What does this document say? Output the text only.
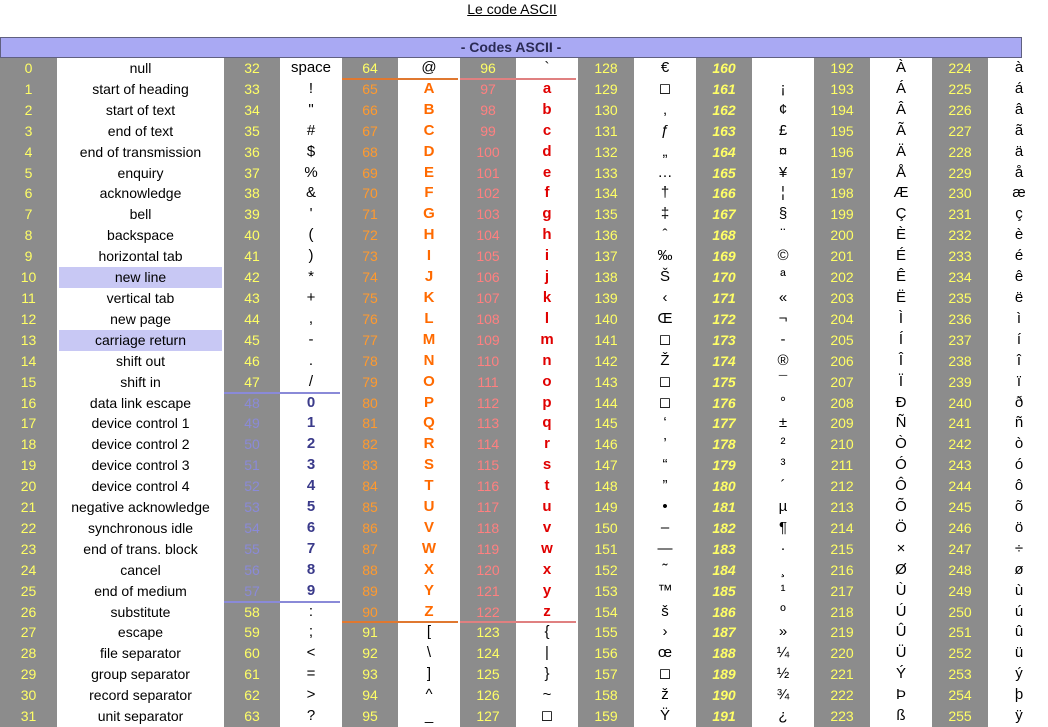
Le code ASCII
- Codes ASCII -
0
1
2
3
4
5
6
7
8
9
10
11
12
13
14
15
16
17
18
19
20
21
22
23
24
25
26
27
28
29
30
31
null
start of heading
start of text
end of text
end of transmission
enquiry
acknowledge
bell
backspace
horizontal tab
new line
vertical tab
new page
carriage return
shift out
shift in
data link escape
device control 1
device control 2
device control 3
device control 4
negative acknowledge
synchronous idle
end of trans. block
cancel
end of medium
substitute
escape
file separator
group separator
record separator
unit separator
32
33
34
35
36
37
38
39
40
41
42
43
44
45
46
47
48
49
50
51
52
53
54
55
56
57
58
59
60
61
62
63
space
!
"
#
$
%
&
'
(
)
*
+
,
-
.
/
0
1
2
3
4
5
6
7
8
9
:
;
<
=
>
?
64
65
66
67
68
69
70
71
72
73
74
75
76
77
78
79
80
81
82
83
84
85
86
87
88
89
90
91
92
93
94
95
@
A
B
C
D
E
F
G
H
I
J
K
L
M
N
O
P
Q
R
S
T
U
V
W
X
Y
Z
[
\
]
^
_
96
97
98
99
100
101
102
103
104
105
106
107
108
109
110
111
112
113
114
115
116
117
118
119
120
121
122
123
124
125
126
127
`
a
b
c
d
e
f
g
h
i
j
k
l
m
n
o
p
q
r
s
t
u
v
w
x
y
z
{
|
}
~
◻
128
129
130
131
132
133
134
135
136
137
138
139
140
141
142
143
144
145
146
147
148
149
150
151
152
153
154
155
156
157
158
159
€
◻
‚
ƒ
„
…
†
‡
ˆ
‰
Š
‹
Œ
◻
Ž
◻
◻
‘
’
“
”
•
–
—
˜
™
š
›
œ
◻
ž
Ÿ
160
161
162
163
164
165
166
167
168
169
170
171
172
173
174
175
176
177
178
179
180
181
182
183
184
185
186
187
188
189
190
191
¡
¢
£
¤
¥
¦
§
¨
©
ª
«
¬
-
®
¯
°
±
²
³
´
µ
¶
·
¸
¹
º
»
¼
½
¾
¿
192
193
194
195
196
197
198
199
200
201
202
203
204
205
206
207
208
209
210
211
212
213
214
215
216
217
218
219
220
221
222
223
À
Á
Â
Ã
Ä
Å
Æ
Ç
È
É
Ê
Ë
Ì
Í
Î
Ï
Ð
Ñ
Ò
Ó
Ô
Õ
Ö
×
Ø
Ù
Ú
Û
Ü
Ý
Þ
ß
224
225
226
227
228
229
230
231
232
233
234
235
236
237
238
239
240
241
242
243
244
245
246
247
248
249
250
251
252
253
254
255
à
á
â
ã
ä
å
æ
ç
è
é
ê
ë
ì
í
î
ï
ð
ñ
ò
ó
ô
õ
ö
÷
ø
ù
ú
û
ü
ý
þ
ÿ
